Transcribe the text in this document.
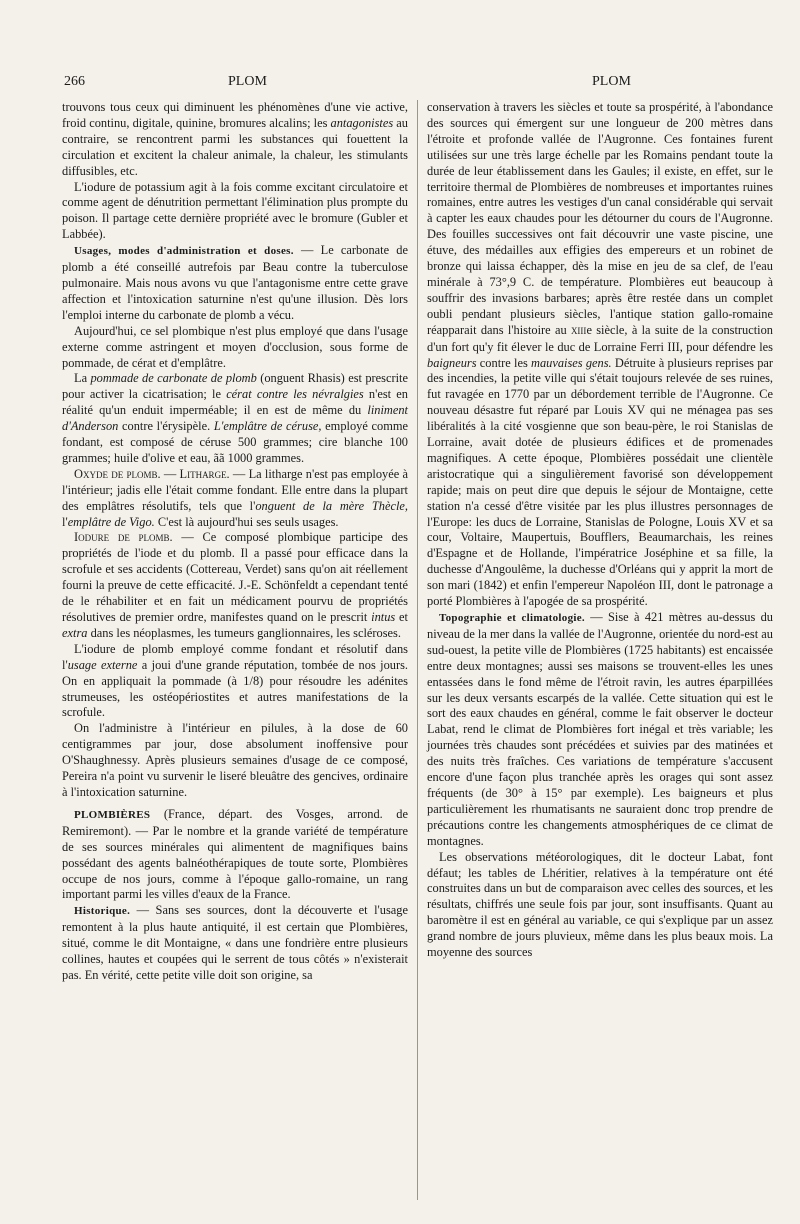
266	PLOM	PLOM

trouvons tous ceux qui diminuent les phénomènes d'une vie active, froid continu, digitale, quinine, bromures alcalins; les antagonistes au contraire, se rencontrent parmi les substances qui fouettent la circulation et excitent la chaleur animale, la chaleur, les stimulants diffusibles, etc.

L'iodure de potassium agit à la fois comme excitant circulatoire et comme agent de dénutrition permettant l'élimination plus prompte du poison. Il partage cette dernière propriété avec le bromure (Gubler et Labbée).

Usages, modes d'administration et doses. — Le carbonate de plomb a été conseillé autrefois par Beau contre la tuberculose pulmonaire. Mais nous avons vu que l'antagonisme entre cette grave affection et l'intoxication saturnine n'est qu'une illusion. Dès lors l'emploi interne du carbonate de plomb a vécu.

Aujourd'hui, ce sel plombique n'est plus employé que dans l'usage externe comme astringent et moyen d'occlusion, sous forme de pommade, de cérat et d'emplâtre.

La pommade de carbonate de plomb (onguent Rhasis) est prescrite pour activer la cicatrisation; le cérat contre les névralgies n'est en réalité qu'un enduit imperméable; il en est de même du liniment d'Anderson contre l'érysipèle. L'emplâtre de céruse, employé comme fondant, est composé de céruse 500 grammes; cire blanche 100 grammes; huile d'olive et eau, ãã 1000 grammes.

Oxyde de plomb. — Litharge. — La litharge n'est pas employée à l'intérieur; jadis elle l'était comme fondant. Elle entre dans la plupart des emplâtres résolutifs, tels que l'onguent de la mère Thècle, l'emplâtre de Vigo. C'est là aujourd'hui ses seuls usages.

Iodure de plomb. — Ce composé plombique participe des propriétés de l'iode et du plomb. Il a passé pour efficace dans la scrofule et ses accidents (Cottereau, Verdet) sans qu'on ait réellement fourni la preuve de cette efficacité. J.-E. Schönfeldt a cependant tenté de le réhabiliter et en fait un médicament pourvu de propriétés résolutives de premier ordre, manifestes quand on le prescrit intus et extra dans les néoplasmes, les tumeurs ganglionnaires, les scléroses.

L'iodure de plomb employé comme fondant et résolutif dans l'usage externe a joui d'une grande réputation, tombée de nos jours. On en appliquait la pommade (à 1/8) pour résoudre les adénites strumeuses, les ostéopériostites et autres manifestations de la scrofule.

On l'administre à l'intérieur en pilules, à la dose de 60 centigrammes par jour, dose absolument inoffensive pour O'Shaughnessy. Après plusieurs semaines d'usage de ce composé, Pereira n'a point vu survenir le liseré bleuâtre des gencives, ordinaire à l'intoxication saturnine.

PLOMBIÈRES (France, départ. des Vosges, arrond. de Remiremont). — Par le nombre et la grande variété de température de ses sources minérales qui alimentent de magnifiques bains possédant des agents balnéothérapiques de toute sorte, Plombières occupe de nos jours, comme à l'époque gallo-romaine, un rang important parmi les villes d'eaux de la France.

Historique. — Sans ses sources, dont la découverte et l'usage remontent à la plus haute antiquité, il est certain que Plombières, situé, comme le dit Montaigne, « dans une fondrière entre plusieurs collines, hautes et coupées qui le serrent de tous côtés » n'existerait pas. En vérité, cette petite ville doit son origine, sa

conservation à travers les siècles et toute sa prospérité, à l'abondance des sources qui émergent sur une longueur de 200 mètres dans l'étroite et profonde vallée de l'Augronne. Ces fontaines furent utilisées sur une très large échelle par les Romains pendant toute la durée de leur établissement dans les Gaules; il existe, en effet, sur le territoire thermal de Plombières de nombreuses et importantes ruines romaines, entre autres les vestiges d'un canal considérable qui servait à capter les eaux chaudes pour les détourner du cours de l'Augronne. Des fouilles successives ont fait découvrir une vaste piscine, une étuve, des médailles aux effigies des empereurs et un robinet de bronze qui laissa échapper, dès la mise en jeu de sa clef, de l'eau minérale à 73°,9 C. de température. Plombières eut beaucoup à souffrir des invasions barbares; après être restée dans un complet oubli pendant plusieurs siècles, l'antique station gallo-romaine réapparait dans l'histoire au XIIIe siècle, à la suite de la construction d'un fort qu'y fit élever le duc de Lorraine Ferri III, pour défendre les baigneurs contre les mauvaises gens. Détruite à plusieurs reprises par des incendies, la petite ville qui s'était toujours relevée de ses ruines, fut ravagée en 1770 par un débordement terrible de l'Augronne. Ce nouveau désastre fut réparé par Louis XV qui ne ménagea pas ses libéralités à la cité vosgienne que son beau-père, le roi Stanislas de Lorraine, avait dotée de plusieurs édifices et de promenades magnifiques. A cette époque, Plombières possédait une clientèle aristocratique qui a singulièrement favorisé son développement rapide; mais on peut dire que depuis le séjour de Montaigne, cette station n'a cessé d'être visitée par les plus illustres personnages de l'Europe: les ducs de Lorraine, Stanislas de Pologne, Louis XV et sa cour, Voltaire, Maupertuis, Boufflers, Beaumarchais, les reines d'Espagne et de Hollande, l'impératrice Joséphine et sa fille, la duchesse d'Angoulême, la duchesse d'Orléans qui y apprit la mort de son mari (1842) et enfin l'empereur Napoléon III, dont le patronage a porté Plombières à l'apogée de sa prospérité.

Topographie et climatologie. — Sise à 421 mètres au-dessus du niveau de la mer dans la vallée de l'Augronne, orientée du nord-est au sud-ouest, la petite ville de Plombières (1725 habitants) est encaissée entre deux montagnes; aussi ses maisons se trouvent-elles les unes entassées dans le fond même de l'étroit ravin, les autres éparpillées sur les deux versants escarpés de la vallée. Cette situation qui est le sort des eaux chaudes en général, comme le fait observer le docteur Labat, rend le climat de Plombières fort inégal et très variable; les journées très chaudes sont précédées et suivies par des matinées et des nuits très fraîches. Ces variations de température s'accusent encore d'une façon plus tranchée après les orages qui sont assez fréquents (de 30° à 15° par exemple). Les baigneurs et plus particulièrement les rhumatisants ne sauraient donc trop prendre de précautions contre les changements atmosphériques de ce climat de montagnes.

Les observations météorologiques, dit le docteur Labat, font défaut; les tables de Lhéritier, relatives à la température ont été construites dans un but de comparaison avec celles des sources, et les résultats, chiffrés une seule fois par jour, sont insuffisants. Quant au baromètre il est en général au variable, ce qui s'explique par un assez grand nombre de jours pluvieux, même dans les plus beaux mois. La moyenne des sources
